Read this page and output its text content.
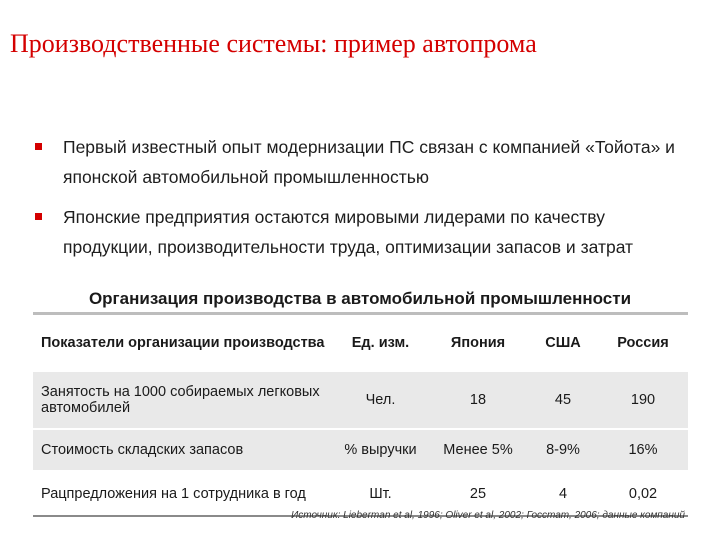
Производственные системы: пример автопрома
Первый известный опыт модернизации ПС связан с компанией «Тойота» и японской автомобильной промышленностью
Японские предприятия остаются мировыми лидерами по качеству продукции, производительности труда, оптимизации запасов и затрат
Организация производства в автомобильной промышленности
Показатели организации производства	Ед. изм.	Япония	США	Россия
Занятость на 1000 собираемых легковых автомобилей	Чел.	18	45	190
Стоимость складских запасов	% выручки	Менее 5%	8-9%	16%
Рацпредложения на 1 сотрудника в год	Шт.	25	4	0,02
Источник: Lieberman et al, 1996; Oliver et al, 2002; Госстат, 2006; данные компаний
